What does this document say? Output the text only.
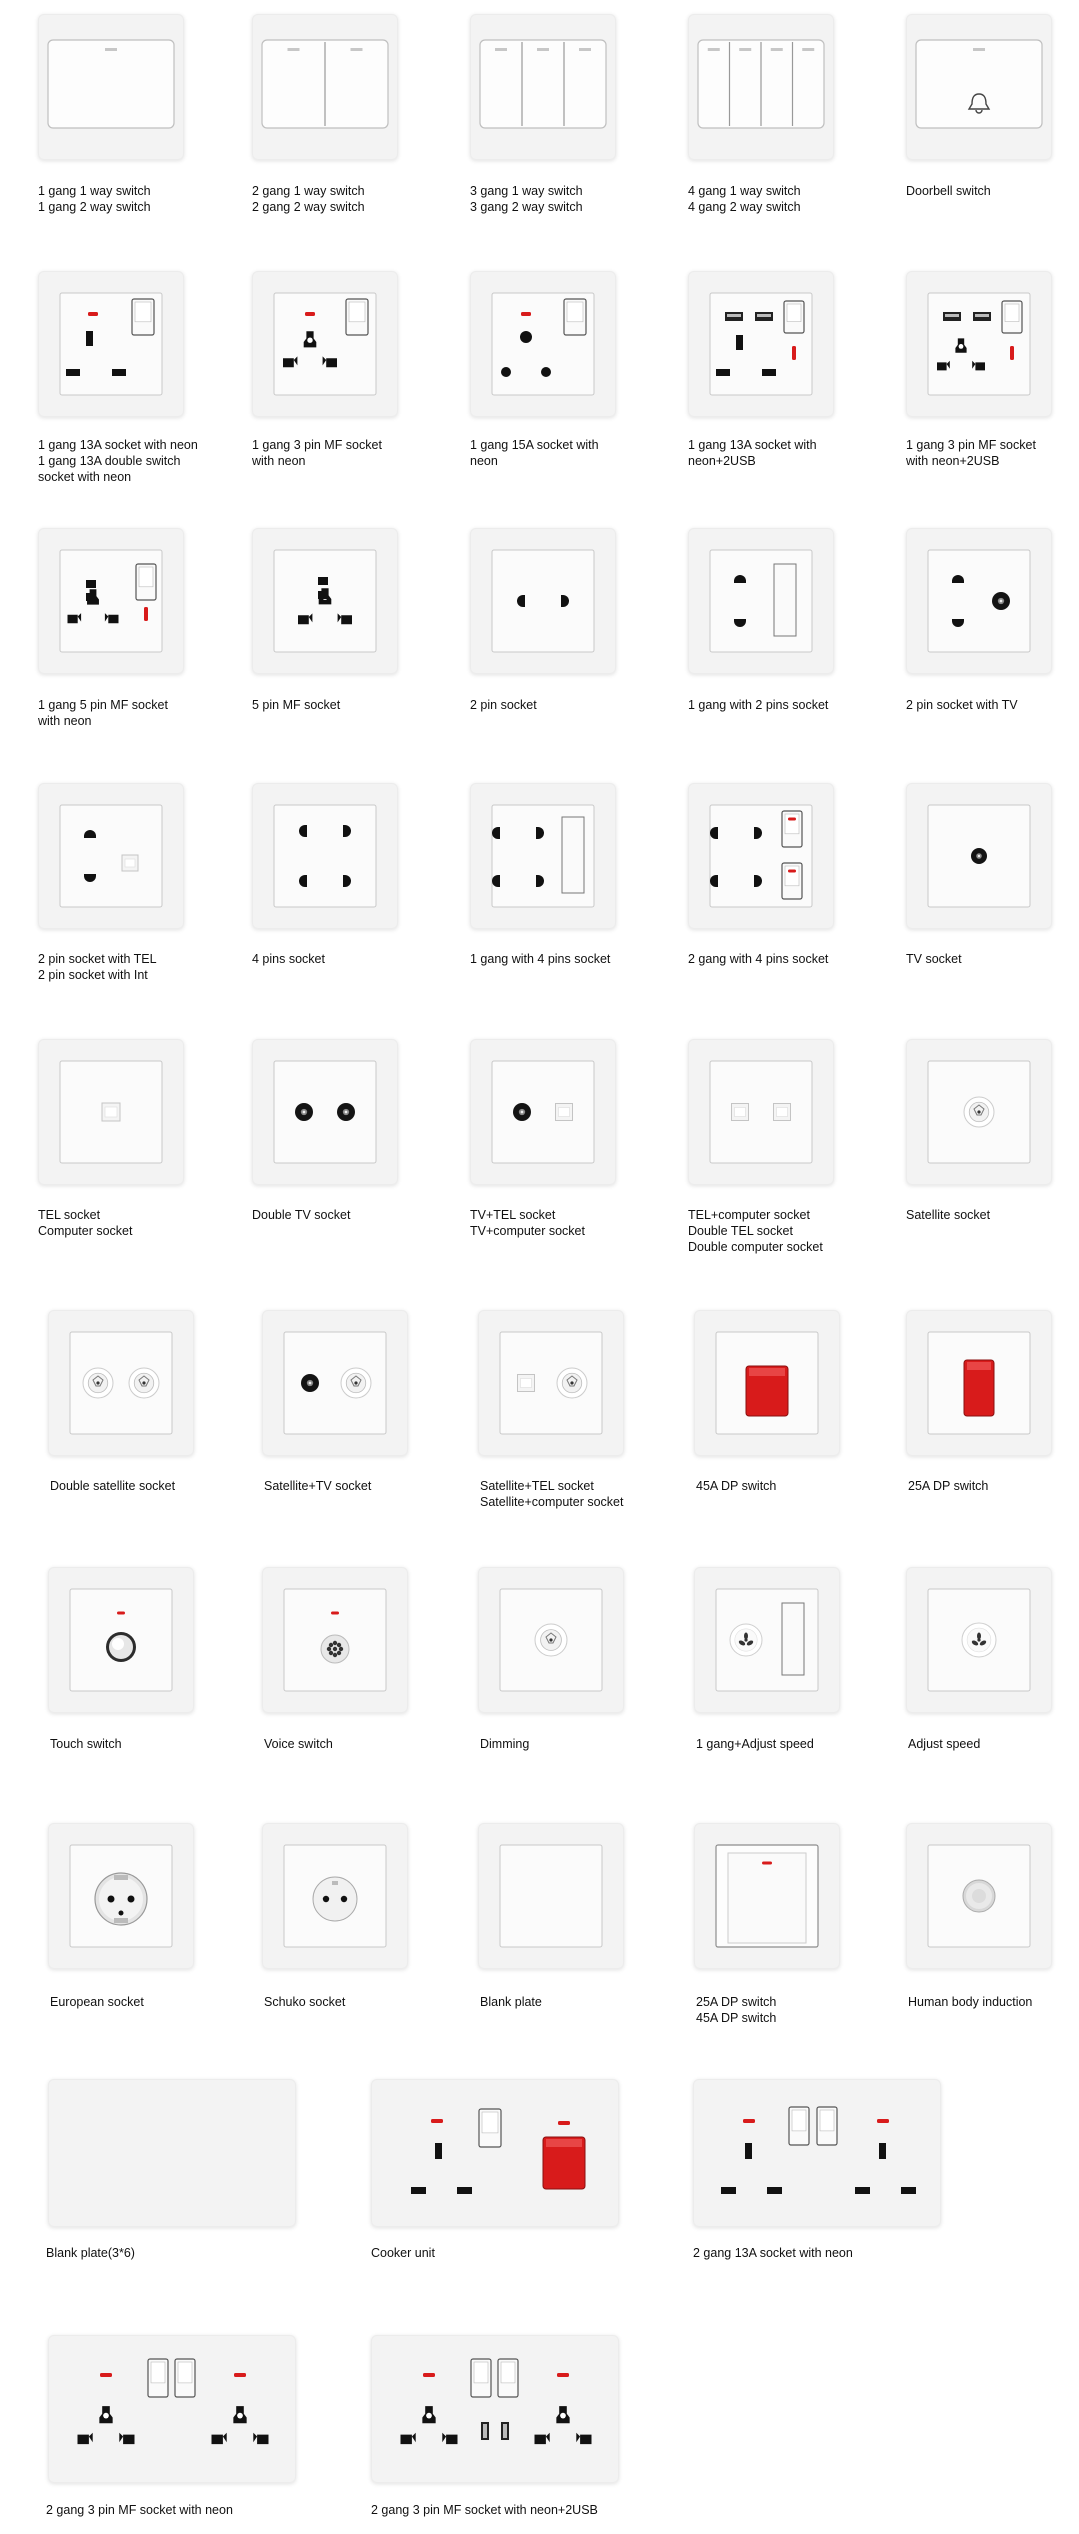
1 gang 1 way switch
1 gang 2 way switch
2 gang 1 way switch
2 gang 2 way switch
3 gang 1 way switch
3 gang 2 way switch
4 gang 1 way switch
4 gang 2 way switch
Doorbell switch
1 gang 13A socket with neon
1 gang 13A double switch
socket with neon
1 gang 3 pin MF socket
with neon
1 gang 15A socket with
neon
1 gang 13A socket with
neon+2USB
1 gang 3 pin MF socket
with neon+2USB
1 gang 5 pin MF socket
with neon
5 pin MF socket	2 pin socket	1 gang with 2 pins socket	2 pin socket with TV
2 pin socket with TEL
2 pin socket with Int
4 pins socket	1 gang with 4 pins socket	2 gang with 4 pins socket	TV socket
TEL socket
Computer socket
Double TV socket	TV+TEL socket
TV+computer socket
TEL+computer socket
Double TEL socket
Double computer socket
Satellite socket
Double satellite socket	Satellite+TV socket	Satellite+TEL socket
Satellite+computer socket
45A DP switch	25A DP switch
Touch switch	Voice switch	Dimming	1 gang+Adjust speed	Adjust speed
European socket	Schuko socket	Blank plate	25A DP switch
45A DP switch
Human body induction
Blank plate(3*6)	Cooker unit	2 gang 13A socket with neon
2 gang 3 pin MF socket with neon	2 gang 3 pin MF socket with neon+2USB
